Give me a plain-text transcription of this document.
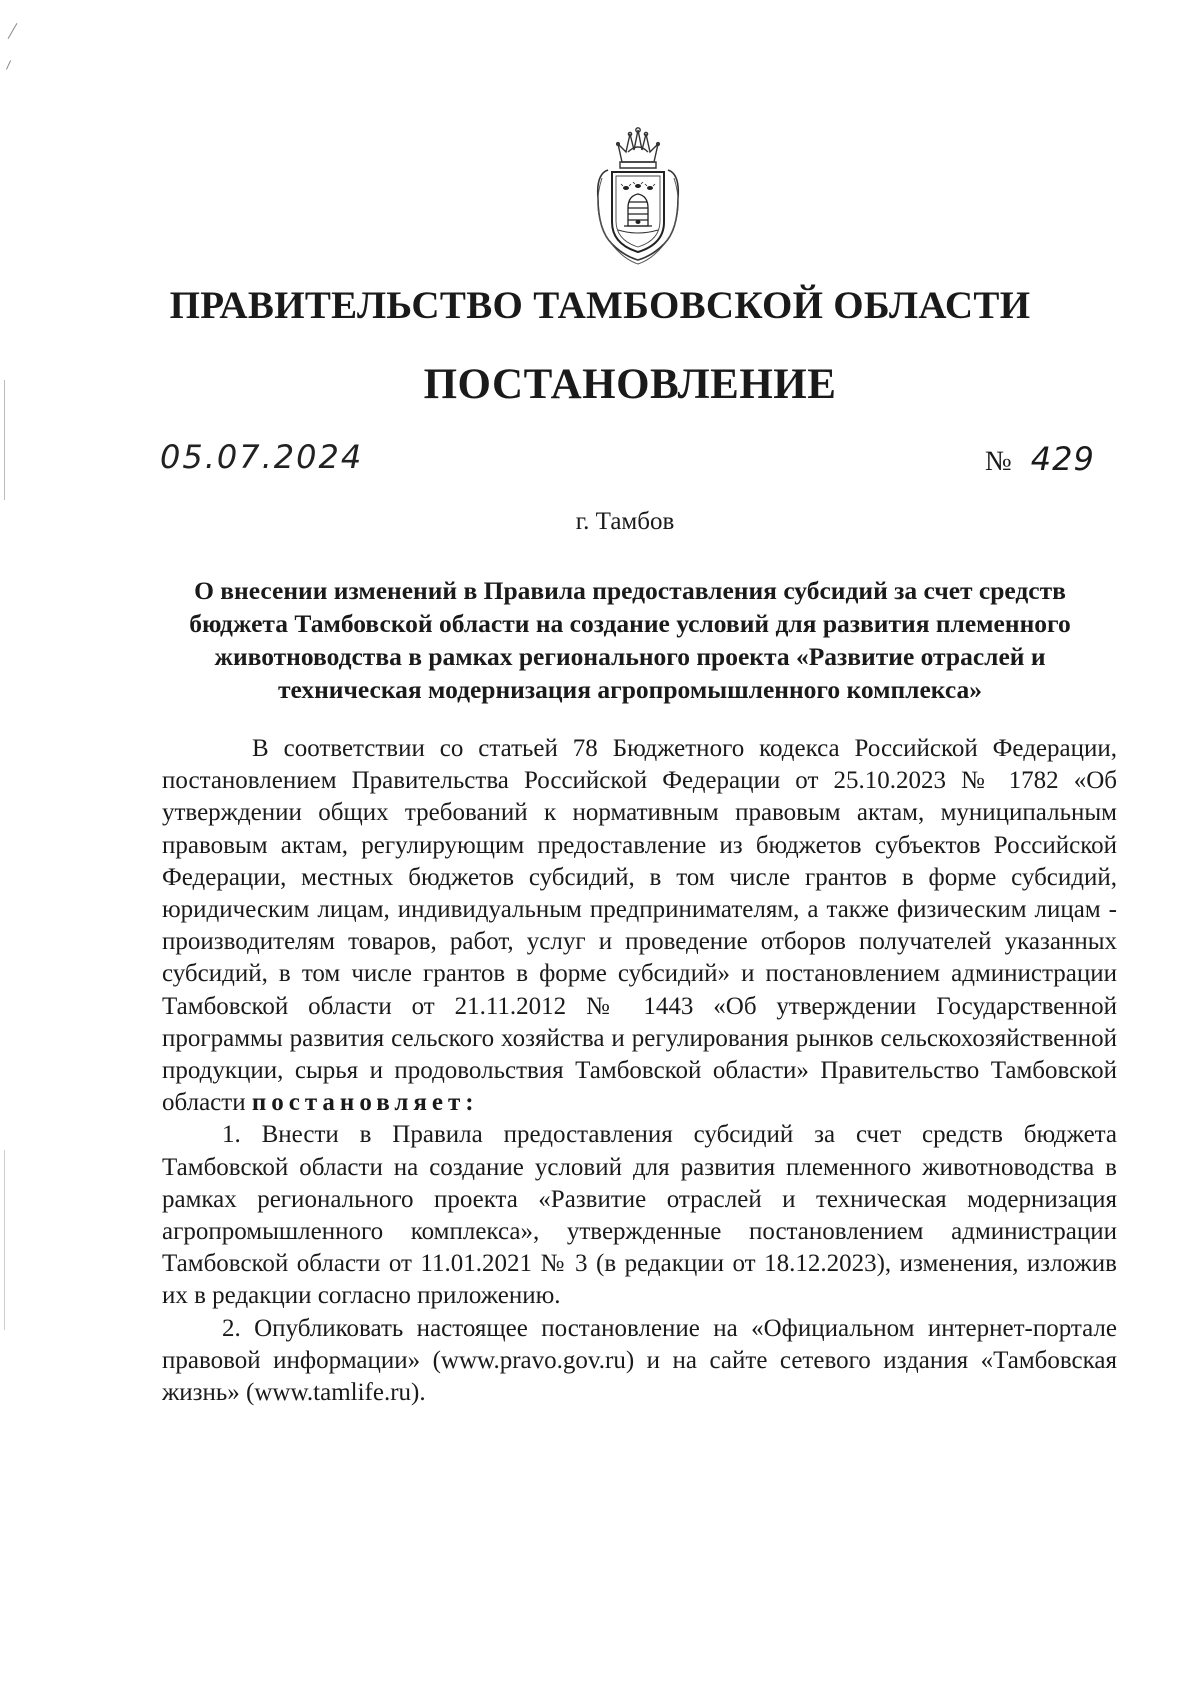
ПРАВИТЕЛЬСТВО ТАМБОВСКОЙ ОБЛАСТИ
ПОСТАНОВЛЕНИЕ
05.07.2024	№ 429
г. Тамбов
О внесении изменений в Правила предоставления субсидий за счет средств бюджета Тамбовской области на создание условий для развития племенного животноводства в рамках регионального проекта «Развитие отраслей и техническая модернизация агропромышленного комплекса»

В соответствии со статьей 78 Бюджетного кодекса Российской Федерации, постановлением Правительства Российской Федерации от 25.10.2023 № 1782 «Об утверждении общих требований к нормативным правовым актам, муниципальным правовым актам, регулирующим предоставление из бюджетов субъектов Российской Федерации, местных бюджетов субсидий, в том числе грантов в форме субсидий, юридическим лицам, индивидуальным предпринимателям, а также физическим лицам - производителям товаров, работ, услуг и проведение отборов получателей указанных субсидий, в том числе грантов в форме субсидий» и постановлением администрации Тамбовской области от 21.11.2012 № 1443 «Об утверждении Государственной программы развития сельского хозяйства и регулирования рынков сельскохозяйственной продукции, сырья и продовольствия Тамбовской области» Правительство Тамбовской области постановляет:

1. Внести в Правила предоставления субсидий за счет средств бюджета Тамбовской области на создание условий для развития племенного животноводства в рамках регионального проекта «Развитие отраслей и техническая модернизация агропромышленного комплекса», утвержденные постановлением администрации Тамбовской области от 11.01.2021 № 3 (в редакции от 18.12.2023), изменения, изложив их в редакции согласно приложению.

2. Опубликовать настоящее постановление на «Официальном интернет-портале правовой информации» (www.pravo.gov.ru) и на сайте сетевого издания «Тамбовская жизнь» (www.tamlife.ru).
